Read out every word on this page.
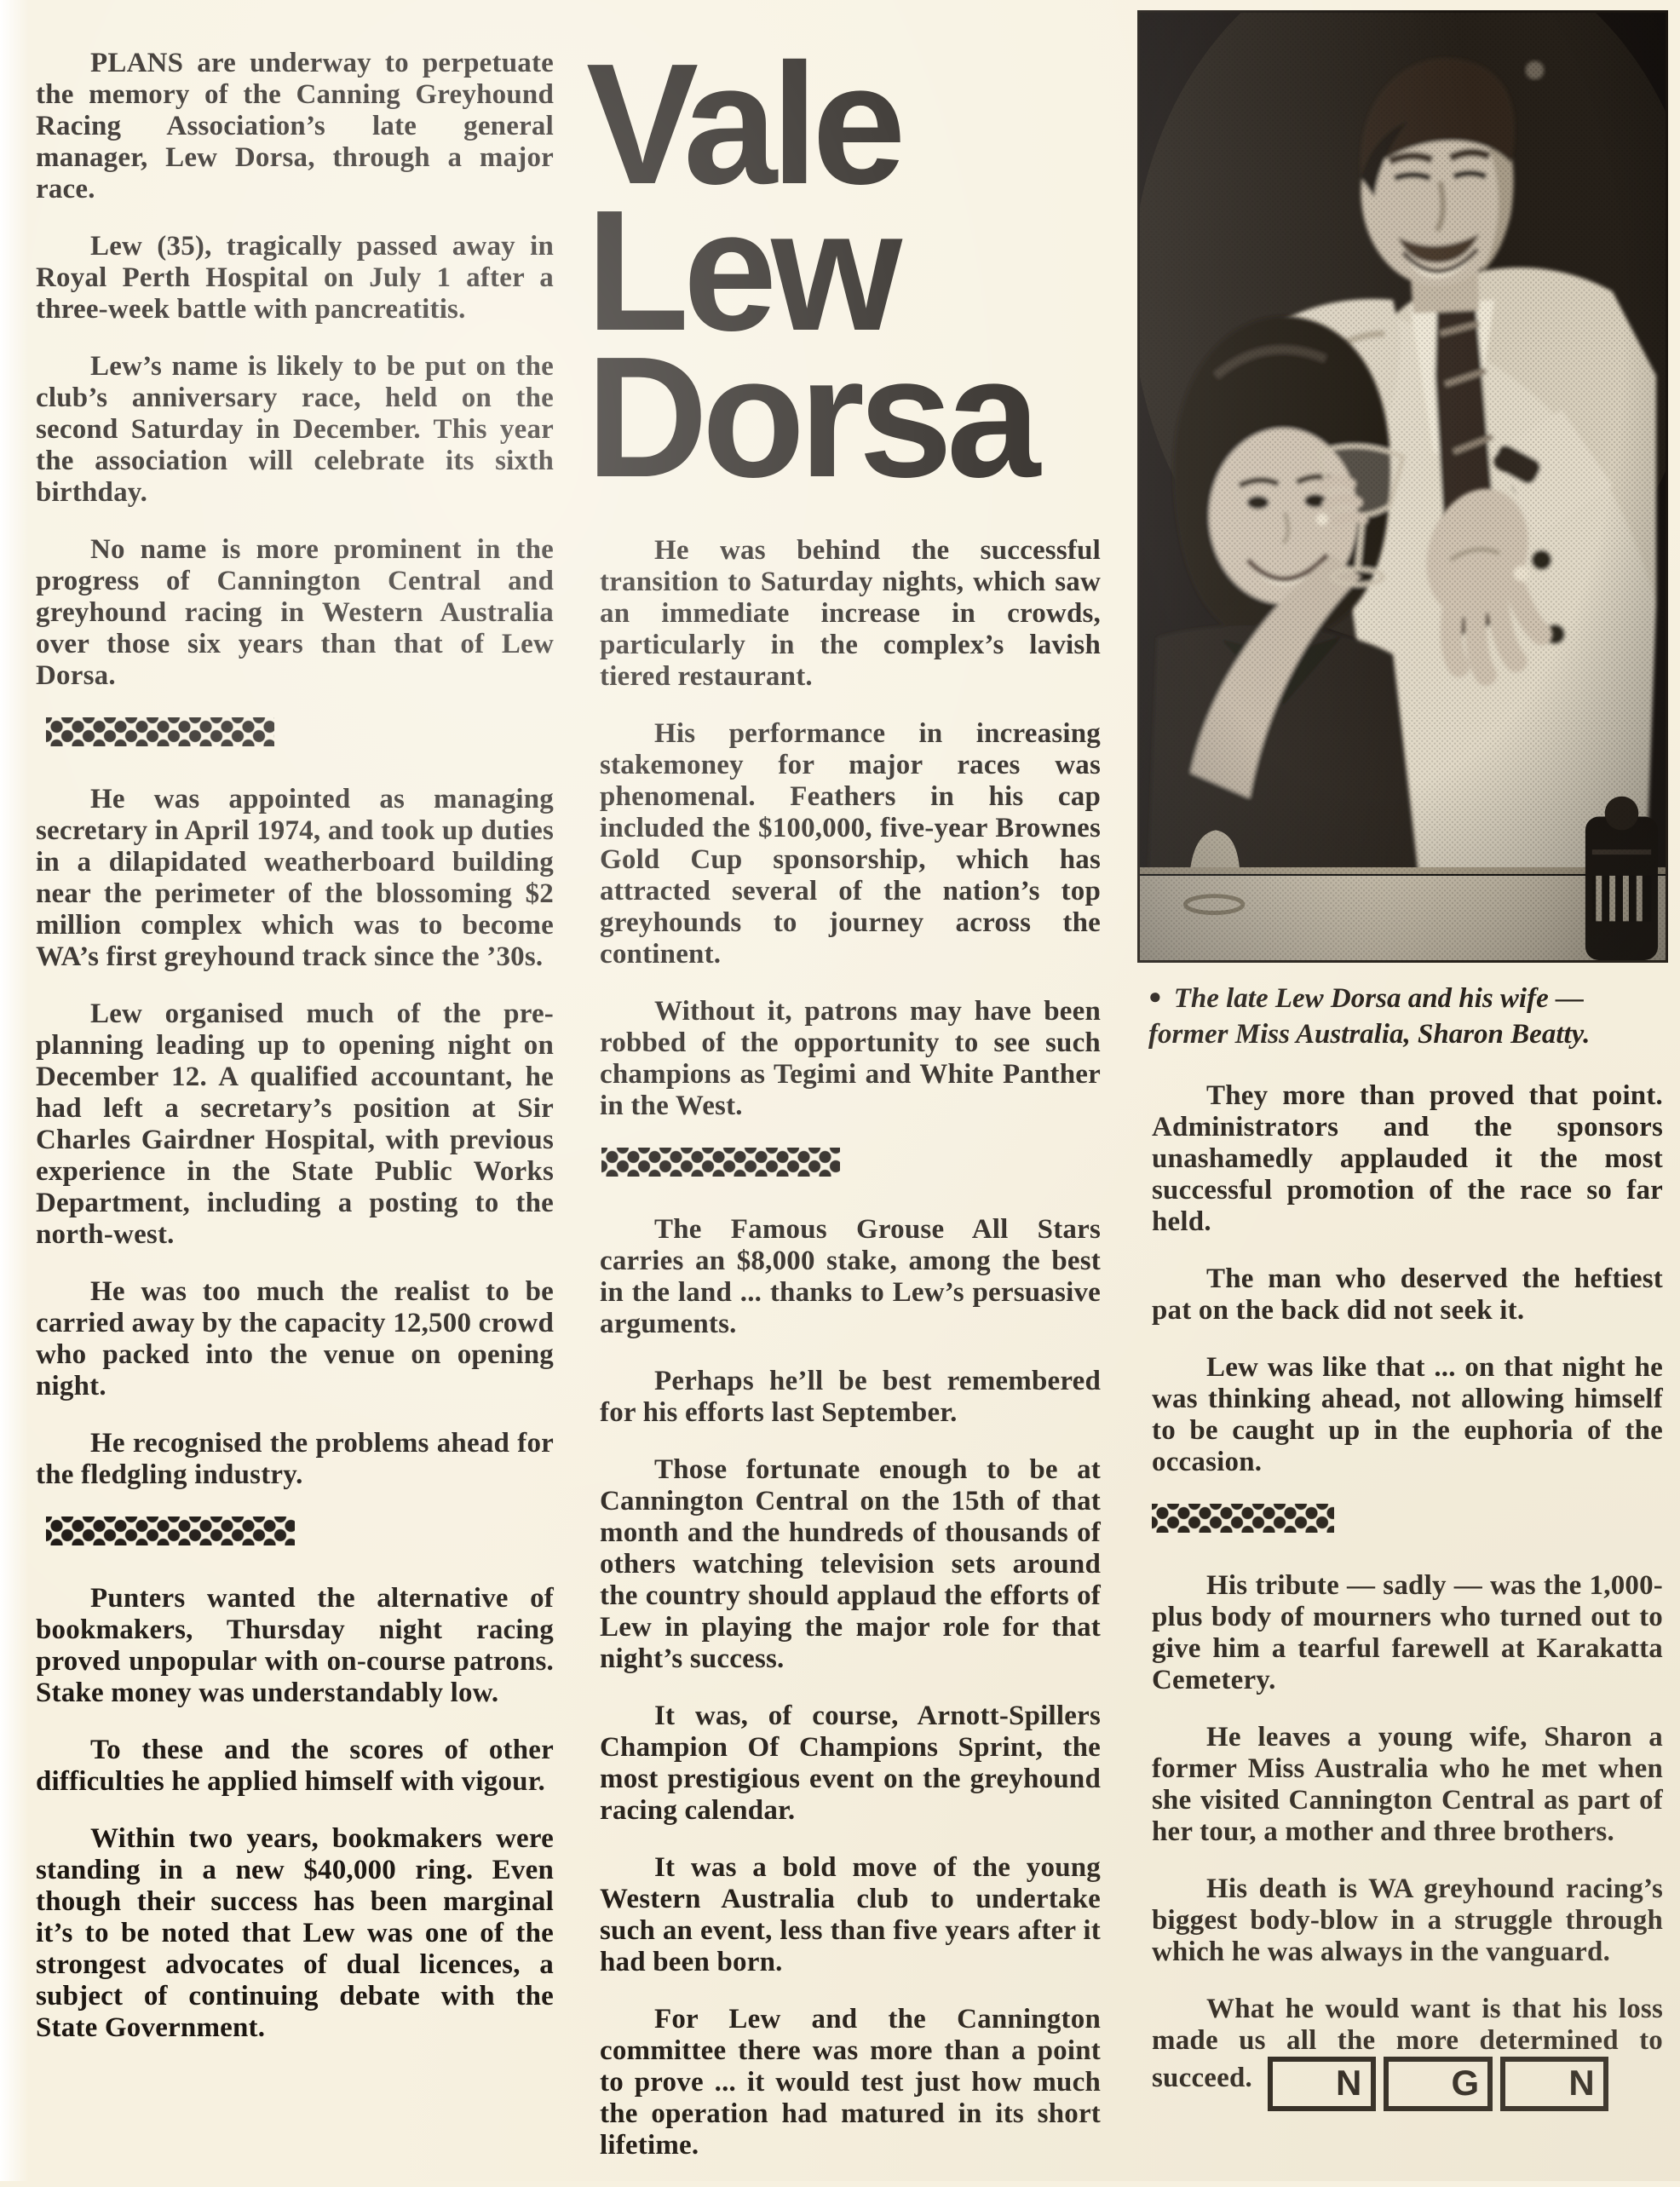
PLANS are underway to perpetuate the memory of the Canning Greyhound Racing Association’s late general manager, Lew Dorsa, through a major race.

Lew (35), tragically passed away in Royal Perth Hospital on July 1 after a three-week battle with pancreatitis.

Lew’s name is likely to be put on the club’s anniversary race, held on the second Saturday in December. This year the association will celebrate its sixth birthday.

No name is more prominent in the progress of Cannington Central and greyhound racing in Western Australia over those six years than that of Lew Dorsa.

He was appointed as managing secretary in April 1974, and took up duties in a dilapidated weatherboard building near the perimeter of the blossoming $2 million complex which was to become WA’s first greyhound track since the ’30s.

Lew organised much of the pre-planning leading up to opening night on December 12. A qualified accountant, he had left a secretary’s position at Sir Charles Gairdner Hospital, with previous experience in the State Public Works Department, including a posting to the north-west.

He was too much the realist to be carried away by the capacity 12,500 crowd who packed into the venue on opening night.

He recognised the problems ahead for the fledgling industry.

Punters wanted the alternative of bookmakers, Thursday night racing proved unpopular with on-course patrons. Stake money was understandably low.

To these and the scores of other difficulties he applied himself with vigour.

Within two years, bookmakers were standing in a new $40,000 ring. Even though their success has been marginal it’s to be noted that Lew was one of the strongest advocates of dual licences, a subject of continuing debate with the State Government.

Vale
Lew
Dorsa

He was behind the successful transition to Saturday nights, which saw an immediate increase in crowds, particularly in the complex’s lavish tiered restaurant.

His performance in increasing stakemoney for major races was phenomenal. Feathers in his cap included the $100,000, five-year Brownes Gold Cup sponsorship, which has attracted several of the nation’s top greyhounds to journey across the continent.

Without it, patrons may have been robbed of the opportunity to see such champions as Tegimi and White Panther in the West.

The Famous Grouse All Stars carries an $8,000 stake, among the best in the land ... thanks to Lew’s persuasive arguments.

Perhaps he’ll be best remembered for his efforts last September.

Those fortunate enough to be at Cannington Central on the 15th of that month and the hundreds of thousands of others watching television sets around the country should applaud the efforts of Lew in playing the major role for that night’s success.

It was, of course, Arnott-Spillers Champion Of Champions Sprint, the most prestigious event on the greyhound racing calendar.

It was a bold move of the young Western Australia club to undertake such an event, less than five years after it had been born.

For Lew and the Cannington committee there was more than a point to prove ... it would test just how much the operation had matured in its short lifetime.

● The late Lew Dorsa and his wife — former Miss Australia, Sharon Beatty.

They more than proved that point. Administrators and the sponsors unashamedly applauded it the most successful promotion of the race so far held.

The man who deserved the heftiest pat on the back did not seek it.

Lew was like that ... on that night he was thinking ahead, not allowing himself to be caught up in the euphoria of the occasion.

His tribute — sadly — was the 1,000-plus body of mourners who turned out to give him a tearful farewell at Karakatta Cemetery.

He leaves a young wife, Sharon a former Miss Australia who he met when she visited Cannington Central as part of her tour, a mother and three brothers.

His death is WA greyhound racing’s biggest body-blow in a struggle through which he was always in the vanguard.

What he would want is that his loss made us all the more determined to succeed.	N	G	N
